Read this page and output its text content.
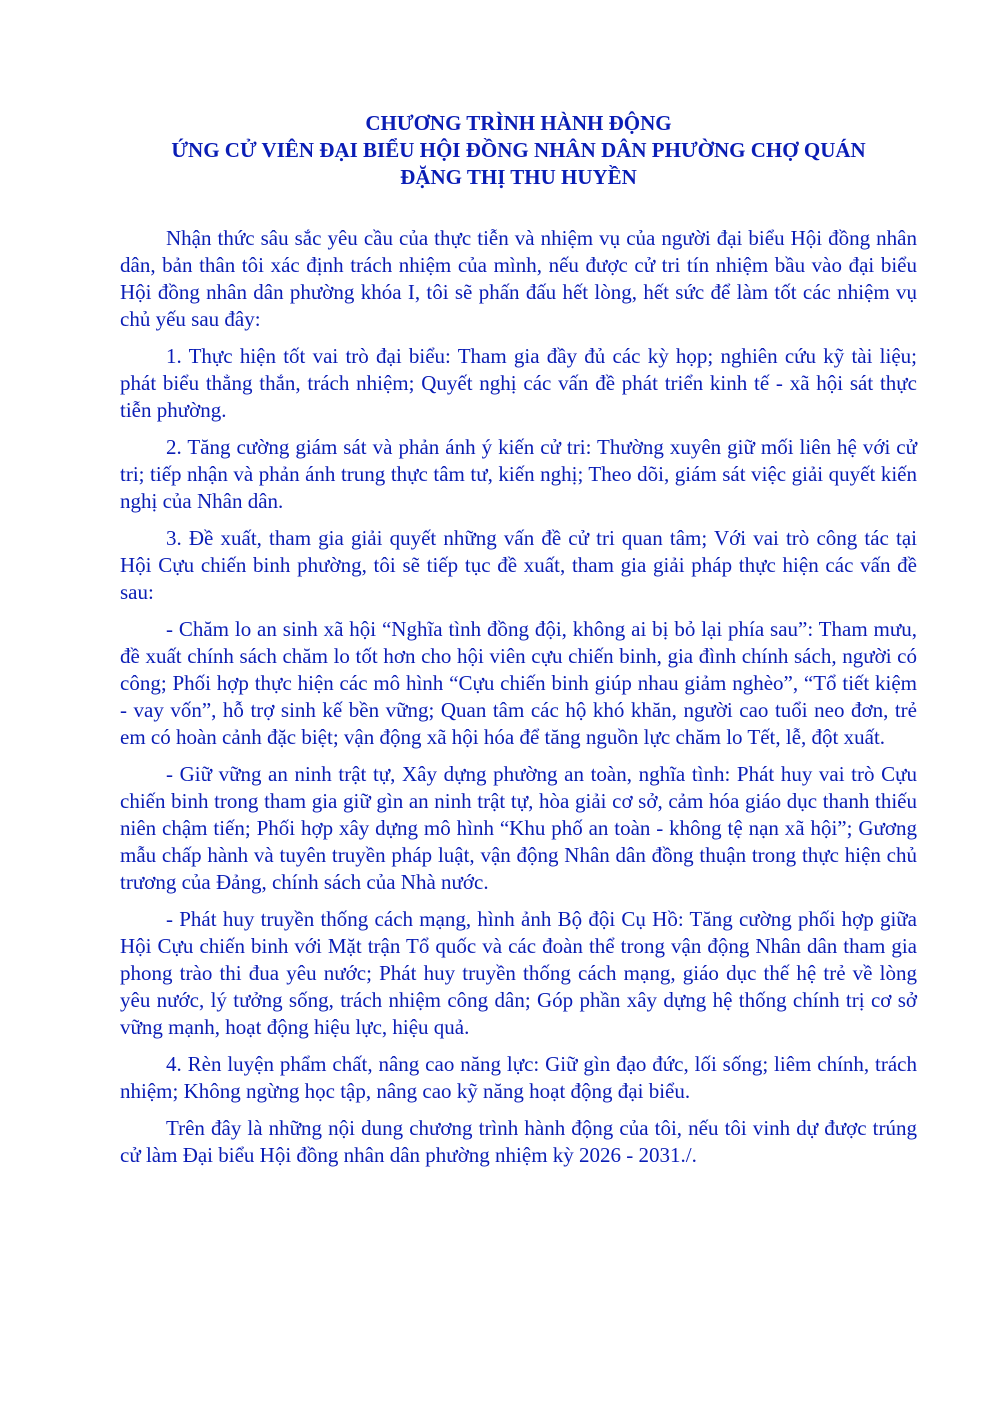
CHƯƠNG TRÌNH HÀNH ĐỘNG
ỨNG CỬ VIÊN ĐẠI BIỂU HỘI ĐỒNG NHÂN DÂN PHƯỜNG CHỢ QUÁN
ĐẶNG THỊ THU HUYỀN

Nhận thức sâu sắc yêu cầu của thực tiễn và nhiệm vụ của người đại biểu Hội đồng nhân dân, bản thân tôi xác định trách nhiệm của mình, nếu được cử tri tín nhiệm bầu vào đại biểu Hội đồng nhân dân phường khóa I, tôi sẽ phấn đấu hết lòng, hết sức để làm tốt các nhiệm vụ chủ yếu sau đây:

1. Thực hiện tốt vai trò đại biểu: Tham gia đầy đủ các kỳ họp; nghiên cứu kỹ tài liệu; phát biểu thẳng thắn, trách nhiệm; Quyết nghị các vấn đề phát triển kinh tế - xã hội sát thực tiễn phường.

2. Tăng cường giám sát và phản ánh ý kiến cử tri: Thường xuyên giữ mối liên hệ với cử tri; tiếp nhận và phản ánh trung thực tâm tư, kiến nghị; Theo dõi, giám sát việc giải quyết kiến nghị của Nhân dân.

3. Đề xuất, tham gia giải quyết những vấn đề cử tri quan tâm; Với vai trò công tác tại Hội Cựu chiến binh phường, tôi sẽ tiếp tục đề xuất, tham gia giải pháp thực hiện các vấn đề sau:

- Chăm lo an sinh xã hội “Nghĩa tình đồng đội, không ai bị bỏ lại phía sau”: Tham mưu, đề xuất chính sách chăm lo tốt hơn cho hội viên cựu chiến binh, gia đình chính sách, người có công; Phối hợp thực hiện các mô hình “Cựu chiến binh giúp nhau giảm nghèo”, “Tổ tiết kiệm - vay vốn”, hỗ trợ sinh kế bền vững; Quan tâm các hộ khó khăn, người cao tuổi neo đơn, trẻ em có hoàn cảnh đặc biệt; vận động xã hội hóa để tăng nguồn lực chăm lo Tết, lễ, đột xuất.

- Giữ vững an ninh trật tự, Xây dựng phường an toàn, nghĩa tình: Phát huy vai trò Cựu chiến binh trong tham gia giữ gìn an ninh trật tự, hòa giải cơ sở, cảm hóa giáo dục thanh thiếu niên chậm tiến; Phối hợp xây dựng mô hình “Khu phố an toàn - không tệ nạn xã hội”; Gương mẫu chấp hành và tuyên truyền pháp luật, vận động Nhân dân đồng thuận trong thực hiện chủ trương của Đảng, chính sách của Nhà nước.

- Phát huy truyền thống cách mạng, hình ảnh Bộ đội Cụ Hồ: Tăng cường phối hợp giữa Hội Cựu chiến binh với Mặt trận Tổ quốc và các đoàn thể trong vận động Nhân dân tham gia phong trào thi đua yêu nước; Phát huy truyền thống cách mạng, giáo dục thế hệ trẻ về lòng yêu nước, lý tưởng sống, trách nhiệm công dân; Góp phần xây dựng hệ thống chính trị cơ sở vững mạnh, hoạt động hiệu lực, hiệu quả.

4. Rèn luyện phẩm chất, nâng cao năng lực: Giữ gìn đạo đức, lối sống; liêm chính, trách nhiệm; Không ngừng học tập, nâng cao kỹ năng hoạt động đại biểu.

Trên đây là những nội dung chương trình hành động của tôi, nếu tôi vinh dự được trúng cử làm Đại biểu Hội đồng nhân dân phường nhiệm kỳ 2026 - 2031./.
